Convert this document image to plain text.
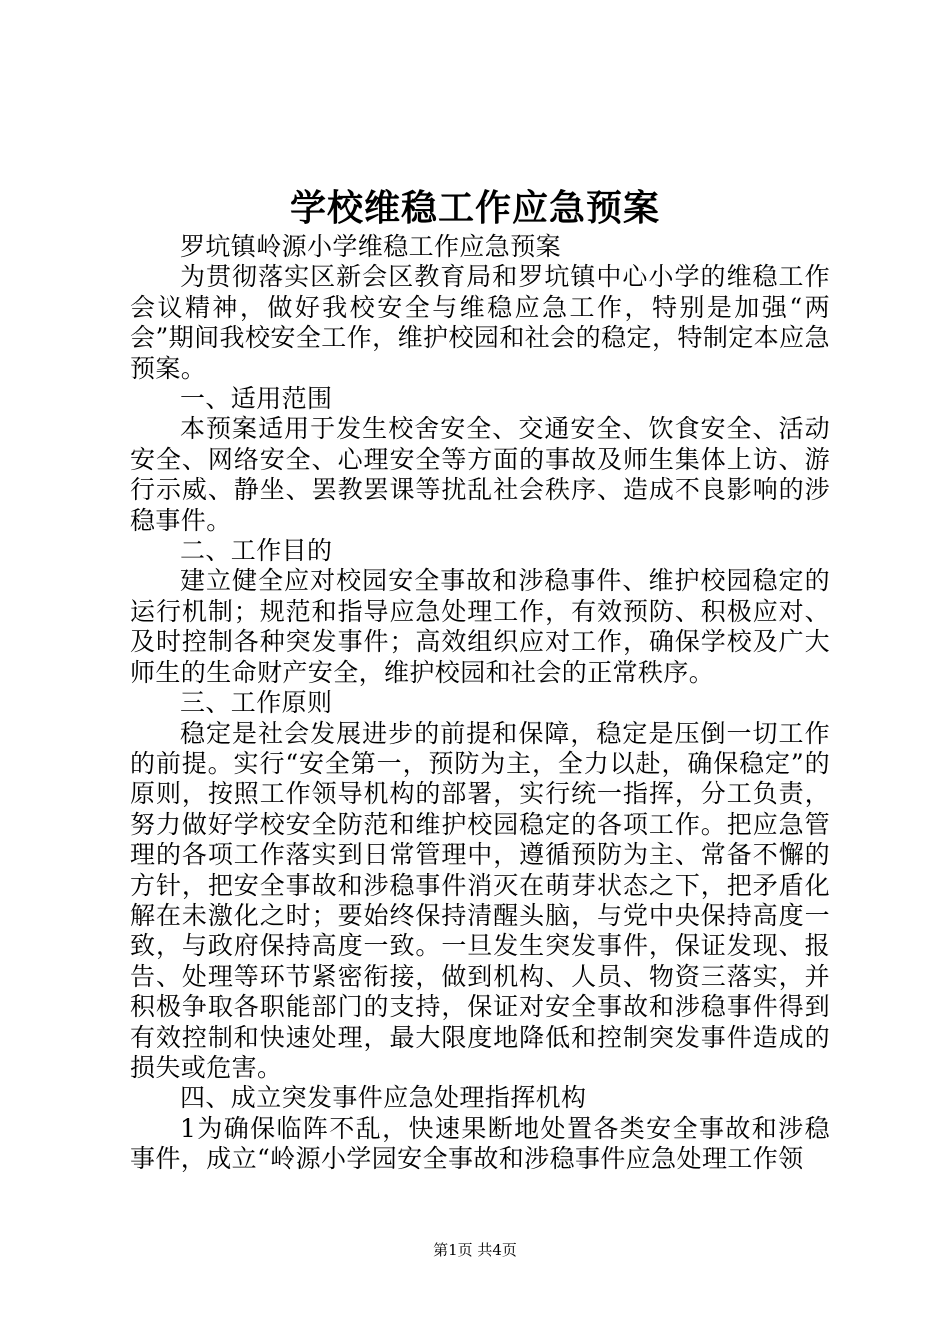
学校维稳工作应急预案

罗坑镇岭源小学维稳工作应急预案

为贯彻落实区新会区教育局和罗坑镇中心小学的维稳工作会议精神，做好我校安全与维稳应急工作，特别是加强“两会”期间我校安全工作，维护校园和社会的稳定，特制定本应急预案。

一、适用范围

本预案适用于发生校舍安全、交通安全、饮食安全、活动安全、网络安全、心理安全等方面的事故及师生集体上访、游行示威、静坐、罢教罢课等扰乱社会秩序、造成不良影响的涉稳事件。

二、工作目的

建立健全应对校园安全事故和涉稳事件、维护校园稳定的运行机制；规范和指导应急处理工作，有效预防、积极应对、及时控制各种突发事件；高效组织应对工作，确保学校及广大师生的生命财产安全，维护校园和社会的正常秩序。

三、工作原则

稳定是社会发展进步的前提和保障，稳定是压倒一切工作的前提。实行“安全第一，预防为主，全力以赴，确保稳定”的原则，按照工作领导机构的部署，实行统一指挥，分工负责，努力做好学校安全防范和维护校园稳定的各项工作。把应急管理的各项工作落实到日常管理中，遵循预防为主、常备不懈的方针，把安全事故和涉稳事件消灭在萌芽状态之下，把矛盾化解在未激化之时；要始终保持清醒头脑，与党中央保持高度一致，与政府保持高度一致。一旦发生突发事件，保证发现、报告、处理等环节紧密衔接，做到机构、人员、物资三落实，并积极争取各职能部门的支持，保证对安全事故和涉稳事件得到有效控制和快速处理，最大限度地降低和控制突发事件造成的损失或危害。

四、成立突发事件应急处理指挥机构

1为确保临阵不乱，快速果断地处置各类安全事故和涉稳事件，成立“岭源小学园安全事故和涉稳事件应急处理工作领

第1页 共4页
